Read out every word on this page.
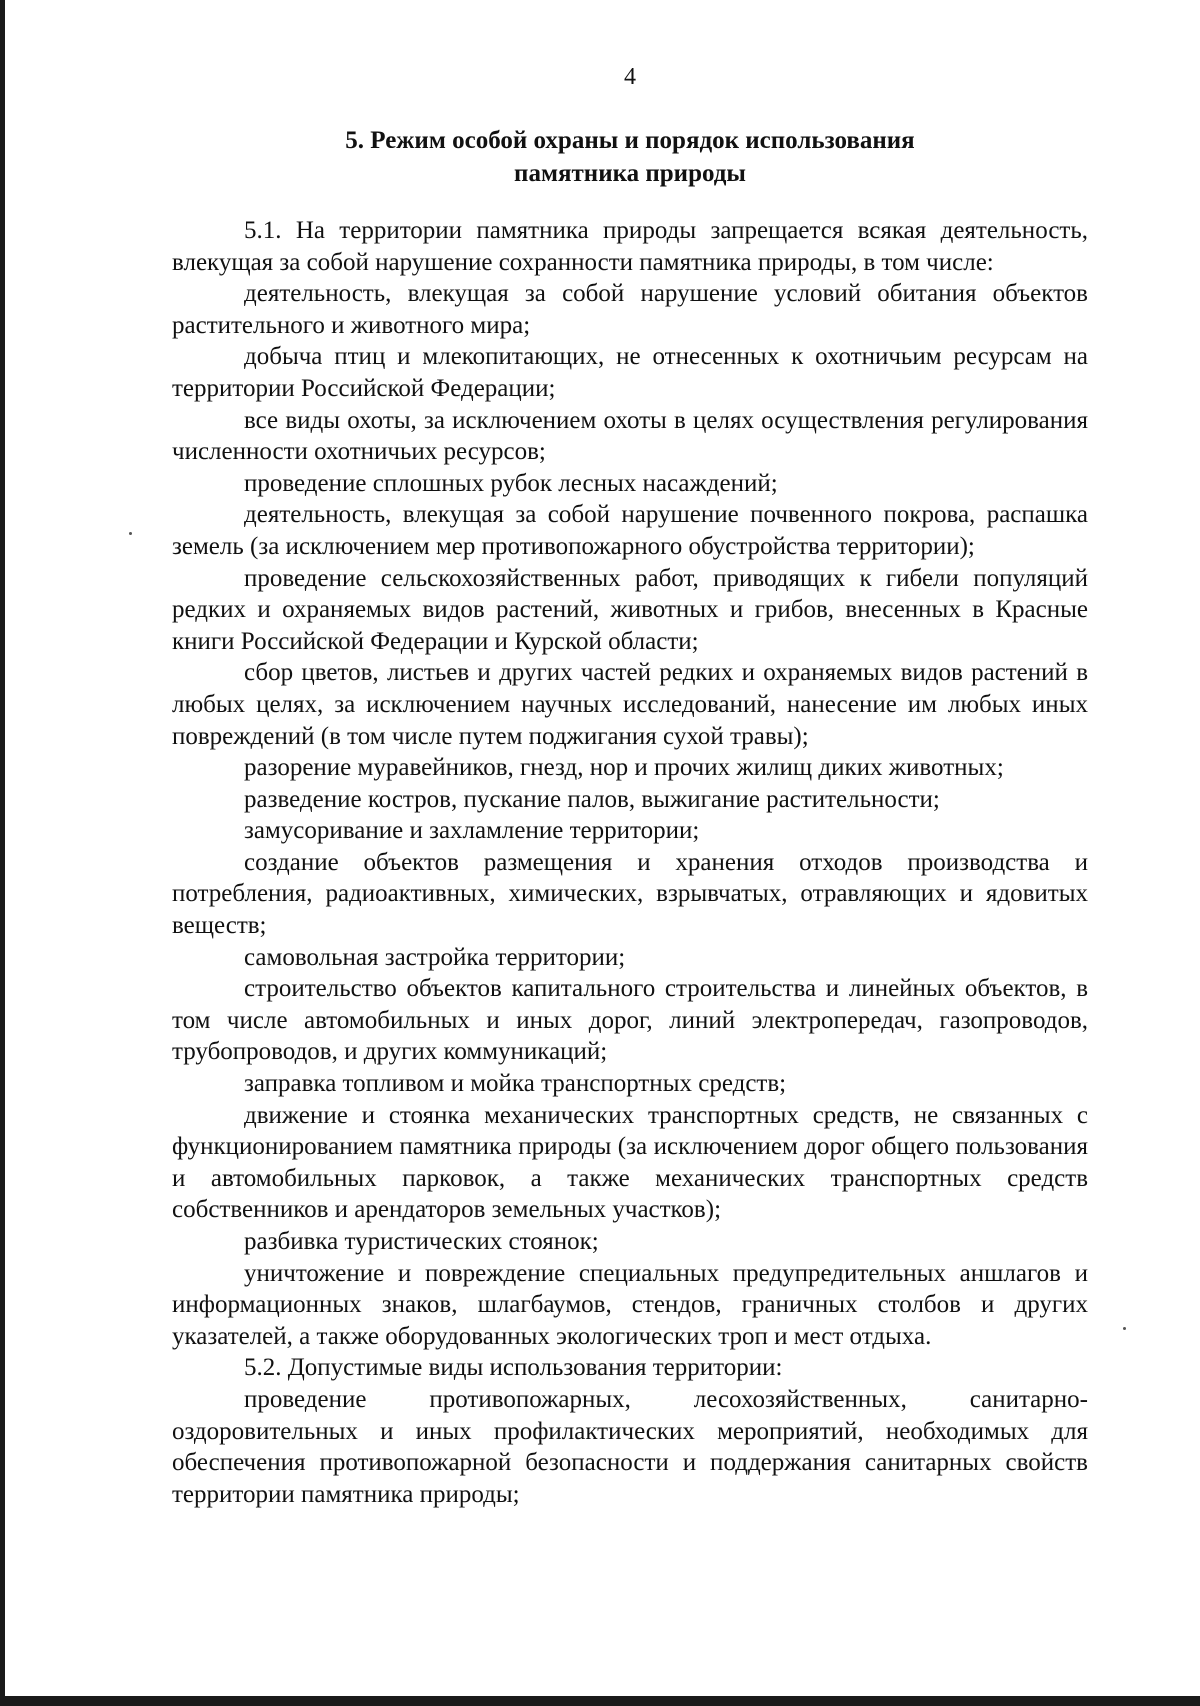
4
5. Режим особой охраны и порядок использования
памятника природы

5.1. На территории памятника природы запрещается всякая деятельность, влекущая за собой нарушение сохранности памятника природы, в том числе:

деятельность, влекущая за собой нарушение условий обитания объектов растительного и животного мира;

добыча птиц и млекопитающих, не отнесенных к охотничьим ресурсам на территории Российской Федерации;

все виды охоты, за исключением охоты в целях осуществления регулирования численности охотничьих ресурсов;

проведение сплошных рубок лесных насаждений;

деятельность, влекущая за собой нарушение почвенного покрова, распашка земель (за исключением мер противопожарного обустройства территории);

проведение сельскохозяйственных работ, приводящих к гибели популяций редких и охраняемых видов растений, животных и грибов, внесенных в Красные книги Российской Федерации и Курской области;

сбор цветов, листьев и других частей редких и охраняемых видов растений в любых целях, за исключением научных исследований, нанесение им любых иных повреждений (в том числе путем поджигания сухой травы);

разорение муравейников, гнезд, нор и прочих жилищ диких животных;

разведение костров, пускание палов, выжигание растительности;

замусоривание и захламление территории;

создание объектов размещения и хранения отходов производства и потребления, радиоактивных, химических, взрывчатых, отравляющих и ядовитых веществ;

самовольная застройка территории;

строительство объектов капитального строительства и линейных объектов, в том числе автомобильных и иных дорог, линий электропередач, газопроводов, трубопроводов, и других коммуникаций;

заправка топливом и мойка транспортных средств;

движение и стоянка механических транспортных средств, не связанных с функционированием памятника природы (за исключением дорог общего пользования и автомобильных парковок, а также механических транспортных средств собственников и арендаторов земельных участков);

разбивка туристических стоянок;

уничтожение и повреждение специальных предупредительных аншлагов и информационных знаков, шлагбаумов, стендов, граничных столбов и других указателей, а также оборудованных экологических троп и мест отдыха.

5.2. Допустимые виды использования территории:

проведение противопожарных, лесохозяйственных, санитарно-оздоровительных и иных профилактических мероприятий, необходимых для обеспечения противопожарной безопасности и поддержания санитарных свойств территории памятника природы;
